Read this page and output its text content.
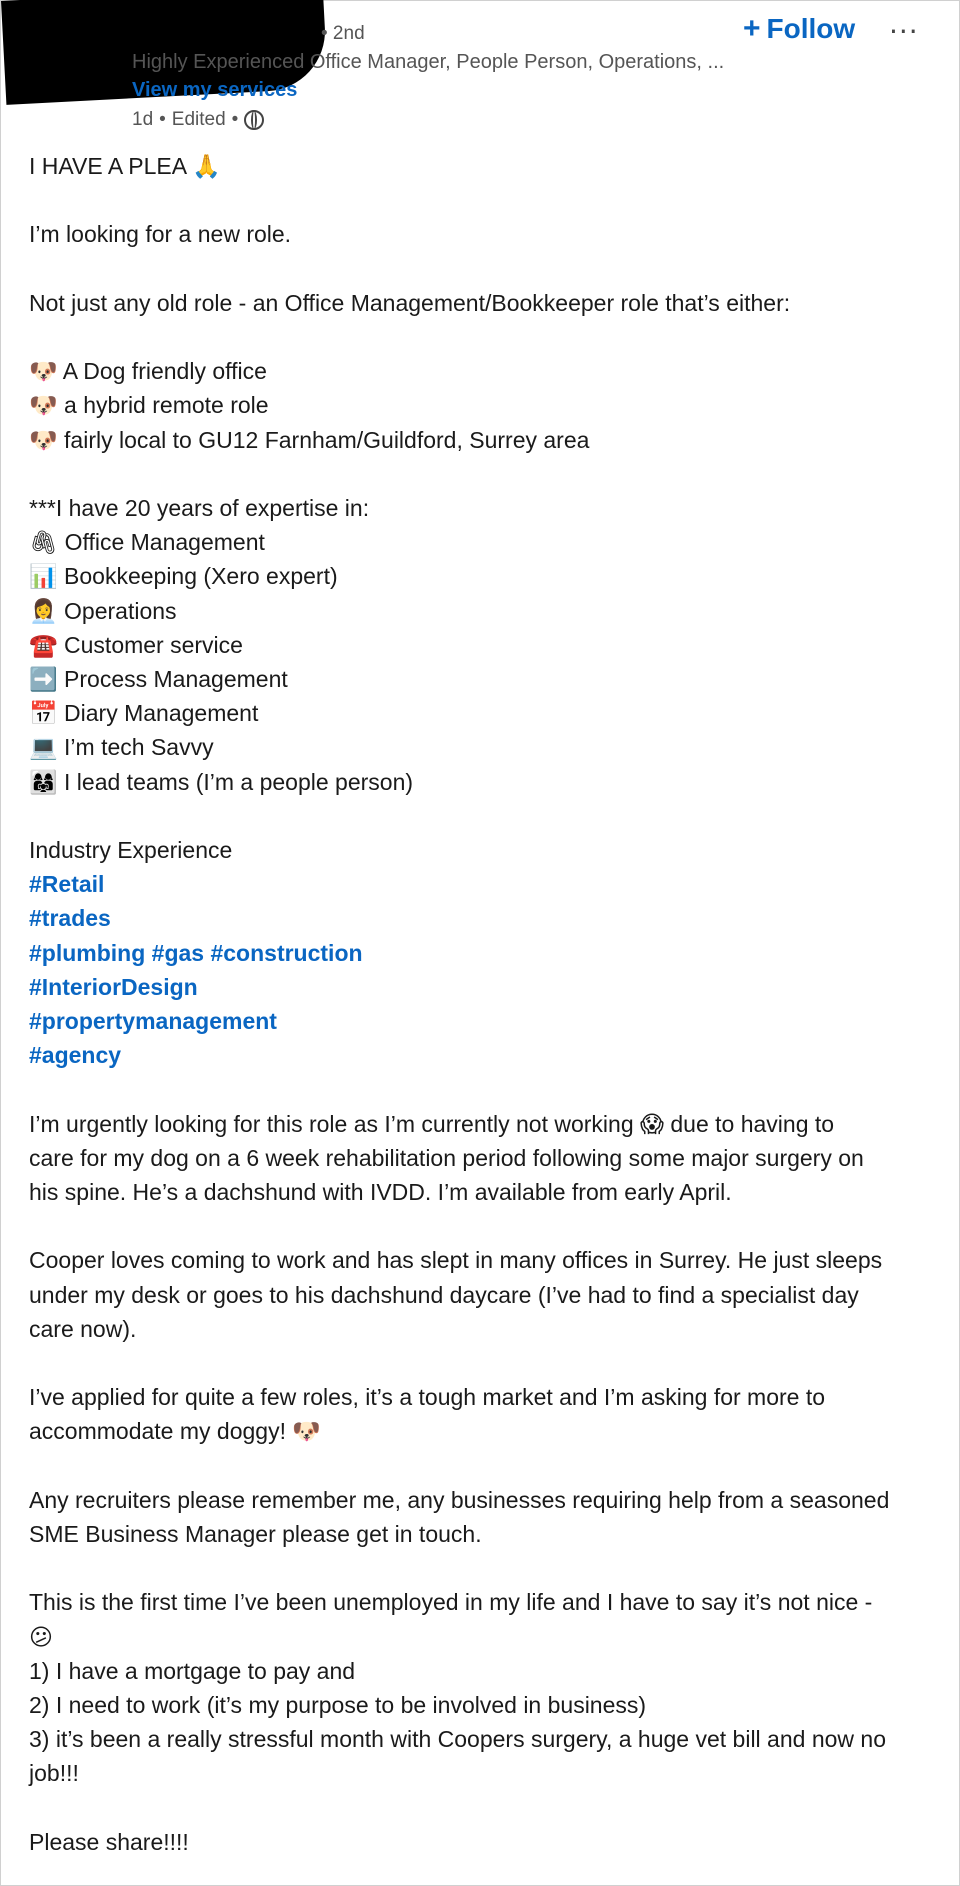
• 2nd
Highly Experienced Office Manager, People Person, Operations, ...
View my services
1d • Edited •
+ Follow ···
I HAVE A PLEA 🙏
I’m looking for a new role.
Not just any old role - an Office Management/Bookkeeper role that’s either:
🐶 A Dog friendly office
🐶 a hybrid remote role
🐶 fairly local to GU12 Farnham/Guildford, Surrey area
***I have 20 years of expertise in:
🖇 Office Management
📊 Bookkeeping (Xero expert)
👩‍💼 Operations
☎️ Customer service
➡️ Process Management
📅 Diary Management
💻 I’m tech Savvy
👩‍👩‍👧 I lead teams (I’m a people person)
Industry Experience
#Retail
#trades
#plumbing #gas #construction
#InteriorDesign
#propertymanagement
#agency
I’m urgently looking for this role as I’m currently not working 😱 due to having to
care for my dog on a 6 week rehabilitation period following some major surgery on
his spine. He’s a dachshund with IVDD. I’m available from early April.
Cooper loves coming to work and has slept in many offices in Surrey. He just sleeps
under my desk or goes to his dachshund daycare (I’ve had to find a specialist day
care now).
I’ve applied for quite a few roles, it’s a tough market and I’m asking for more to
accommodate my doggy! 🐶
Any recruiters please remember me, any businesses requiring help from a seasoned
SME Business Manager please get in touch.
This is the first time I’ve been unemployed in my life and I have to say it’s not nice -
😕
1) I have a mortgage to pay and
2) I need to work (it’s my purpose to be involved in business)
3) it’s been a really stressful month with Coopers surgery, a huge vet bill and now no
job!!!
Please share!!!!
